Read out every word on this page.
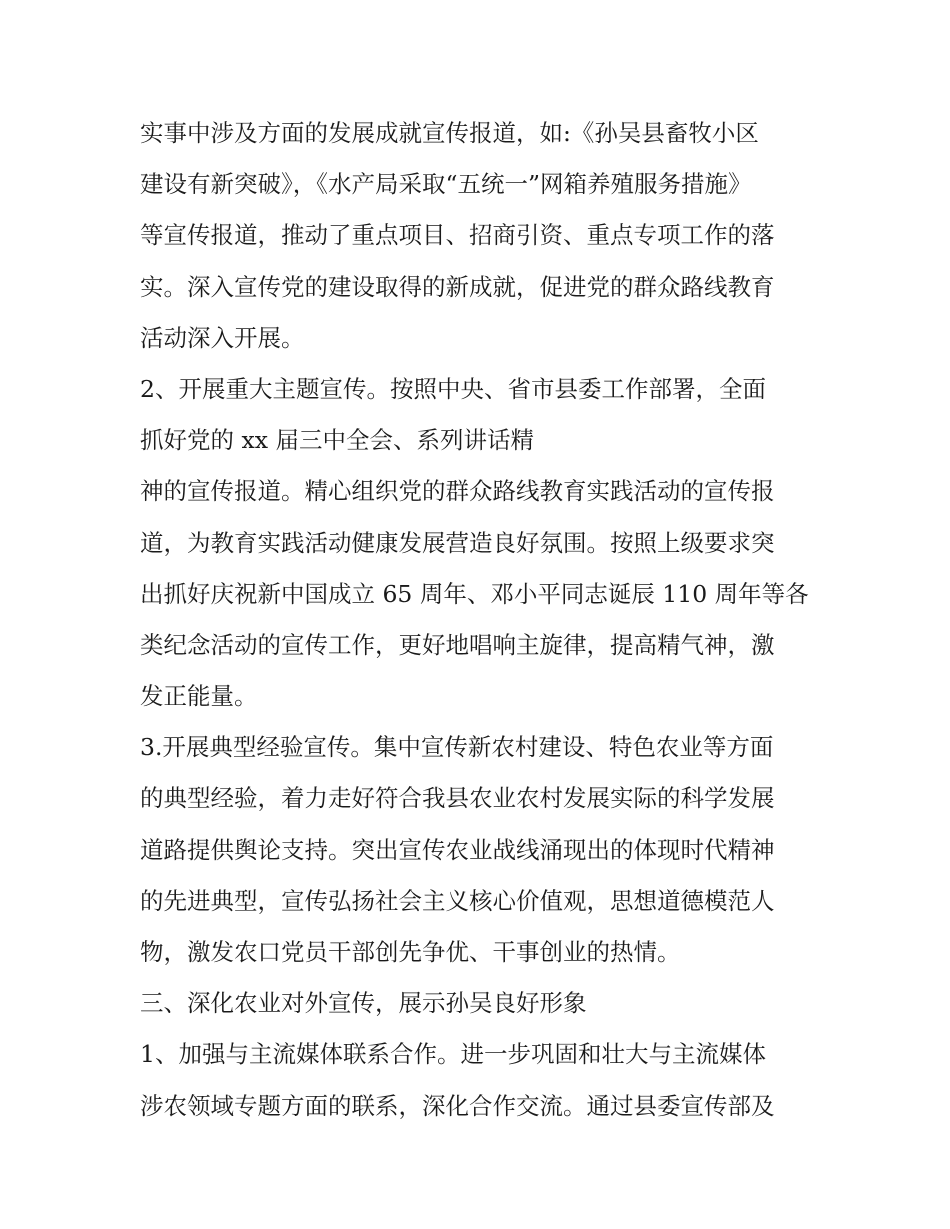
实事中涉及方面的发展成就宣传报道，如:《孙吴县畜牧小区
建设有新突破》，《水产局采取“五统一”网箱养殖服务措施》
等宣传报道，推动了重点项目、招商引资、重点专项工作的落
实。深入宣传党的建设取得的新成就，促进党的群众路线教育
活动深入开展。
2、开展重大主题宣传。按照中央、省市县委工作部署，全面
抓好党的 xx 届三中全会、系列讲话精
神的宣传报道。精心组织党的群众路线教育实践活动的宣传报
道，为教育实践活动健康发展营造良好氛围。按照上级要求突
出抓好庆祝新中国成立 65 周年、邓小平同志诞辰 110 周年等各
类纪念活动的宣传工作，更好地唱响主旋律，提高精气神，激
发正能量。
3.开展典型经验宣传。集中宣传新农村建设、特色农业等方面
的典型经验，着力走好符合我县农业农村发展实际的科学发展
道路提供舆论支持。突出宣传农业战线涌现出的体现时代精神
的先进典型，宣传弘扬社会主义核心价值观，思想道德模范人
物，激发农口党员干部创先争优、干事创业的热情。
三、深化农业对外宣传，展示孙吴良好形象
1、加强与主流媒体联系合作。进一步巩固和壮大与主流媒体
涉农领域专题方面的联系，深化合作交流。通过县委宣传部及
